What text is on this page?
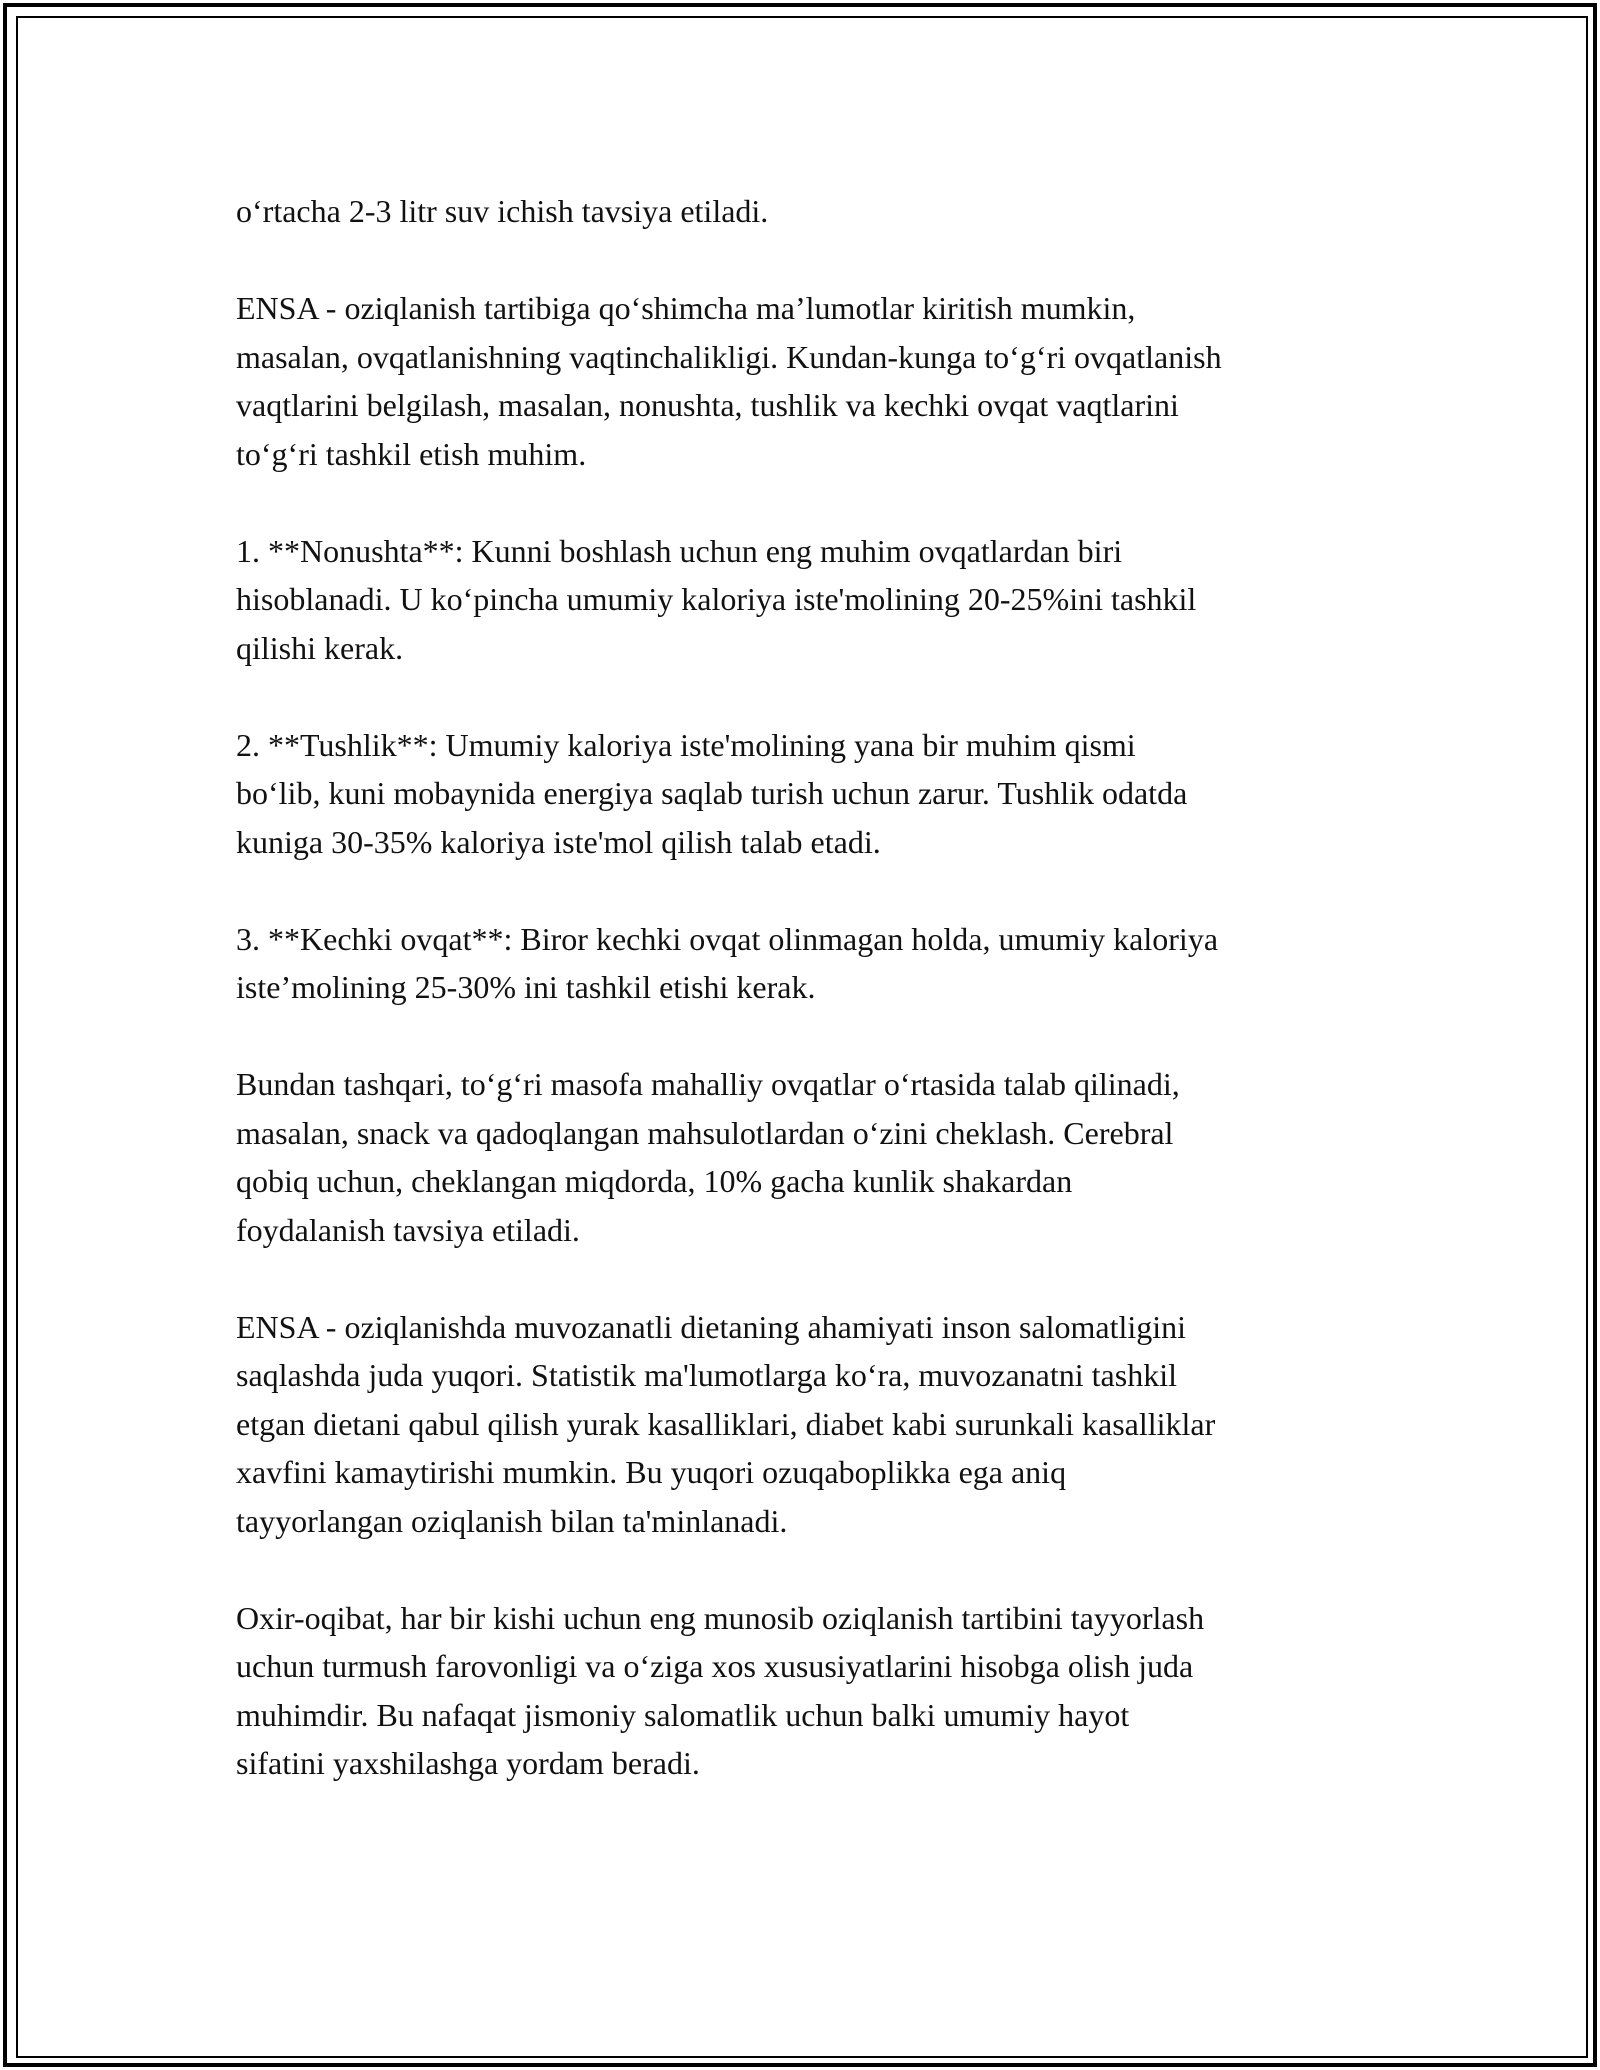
o‘rtacha 2-3 litr suv ichish tavsiya etiladi.

ENSA - oziqlanish tartibiga qo‘shimcha ma’lumotlar kiritish mumkin,
masalan, ovqatlanishning vaqtinchalikligi. Kundan-kunga to‘g‘ri ovqatlanish
vaqtlarini belgilash, masalan, nonushta, tushlik va kechki ovqat vaqtlarini
to‘g‘ri tashkil etish muhim.

1. **Nonushta**: Kunni boshlash uchun eng muhim ovqatlardan biri
hisoblanadi. U ko‘pincha umumiy kaloriya iste'molining 20-25%ini tashkil
qilishi kerak.

2. **Tushlik**: Umumiy kaloriya iste'molining yana bir muhim qismi
bo‘lib, kuni mobaynida energiya saqlab turish uchun zarur. Tushlik odatda
kuniga 30-35% kaloriya iste'mol qilish talab etadi.

3. **Kechki ovqat**: Biror kechki ovqat olinmagan holda, umumiy kaloriya
iste’molining 25-30% ini tashkil etishi kerak.

Bundan tashqari, to‘g‘ri masofa mahalliy ovqatlar o‘rtasida talab qilinadi,
masalan, snack va qadoqlangan mahsulotlardan o‘zini cheklash. Cerebral
qobiq uchun, cheklangan miqdorda, 10% gacha kunlik shakardan
foydalanish tavsiya etiladi.

ENSA - oziqlanishda muvozanatli dietaning ahamiyati inson salomatligini
saqlashda juda yuqori. Statistik ma'lumotlarga ko‘ra, muvozanatni tashkil
etgan dietani qabul qilish yurak kasalliklari, diabet kabi surunkali kasalliklar
xavfini kamaytirishi mumkin. Bu yuqori ozuqaboplikka ega aniq
tayyorlangan oziqlanish bilan ta'minlanadi.

Oxir-oqibat, har bir kishi uchun eng munosib oziqlanish tartibini tayyorlash
uchun turmush farovonligi va o‘ziga xos xususiyatlarini hisobga olish juda
muhimdir. Bu nafaqat jismoniy salomatlik uchun balki umumiy hayot
sifatini yaxshilashga yordam beradi.
